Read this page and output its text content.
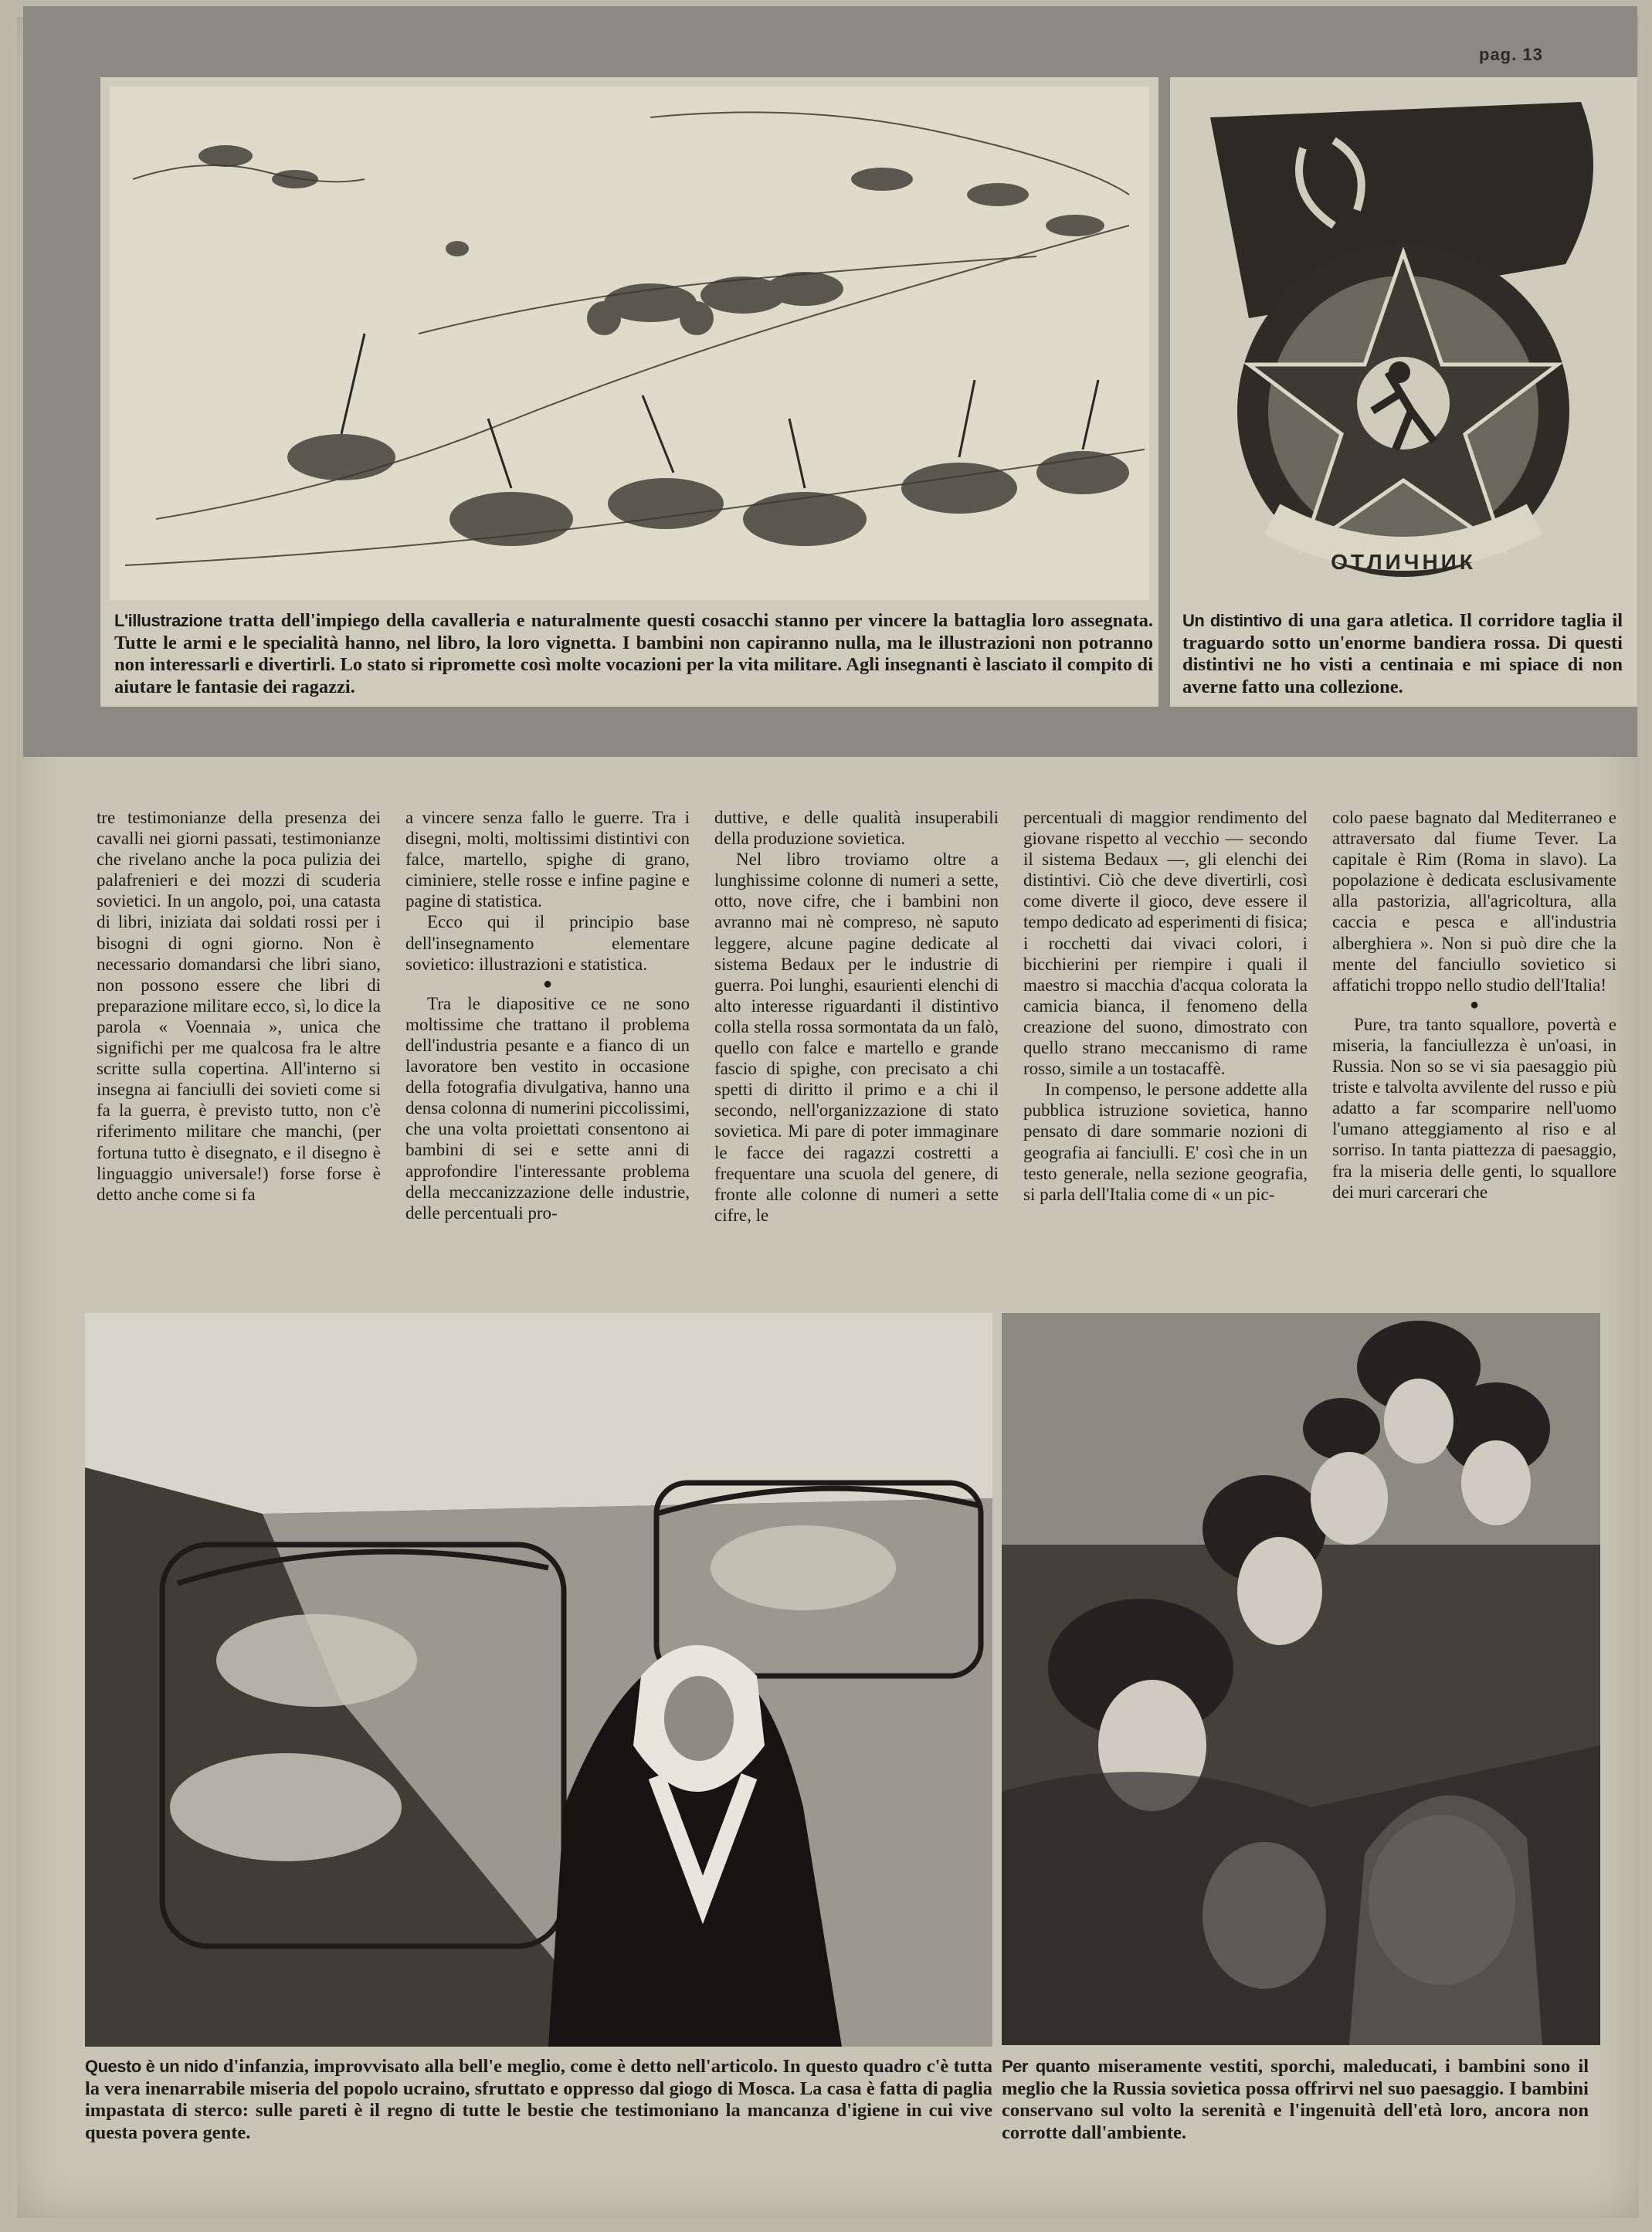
pag. 13
L'illustrazione tratta dell'impiego della cavalleria e naturalmente questi cosacchi stanno per vincere la battaglia loro assegnata. Tutte le armi e le specialità hanno, nel libro, la loro vignetta. I bambini non capiranno nulla, ma le illustrazioni non potranno non interessarli e divertirli. Lo stato si ripromette così molte vocazioni per la vita militare. Agli insegnanti è lasciato il compito di aiutare le fantasie dei ragazzi.
OTЛИЧНИК
Un distintivo di una gara atletica. Il corridore taglia il traguardo sotto un'enorme bandiera rossa. Di questi distintivi ne ho visti a centinaia e mi spiace di non averne fatto una collezione.

tre testimonianze della presenza dei cavalli nei giorni passati, testimonianze che rivelano anche la poca pulizia dei palafrenieri e dei mozzi di scuderia sovietici. In un angolo, poi, una catasta di libri, iniziata dai soldati rossi per i bisogni di ogni giorno. Non è necessario domandarsi che libri siano, non possono essere che libri di preparazione militare ecco, sì, lo dice la parola « Voennaia », unica che significhi per me qualcosa fra le altre scritte sulla copertina. All'interno si insegna ai fanciulli dei sovieti come si fa la guerra, è previsto tutto, non c'è riferimento militare che manchi, (per fortuna tutto è disegnato, e il disegno è linguaggio universale!) forse forse è detto anche come si fa

a vincere senza fallo le guerre. Tra i disegni, molti, moltissimi distintivi con falce, martello, spighe di grano, ciminiere, stelle rosse e infine pagine e pagine di statistica.

Ecco qui il principio base dell'insegnamento elementare sovietico: illustrazioni e statistica.

●

Tra le diapositive ce ne sono moltissime che trattano il problema dell'industria pesante e a fianco di un lavoratore ben vestito in occasione della fotografia divulgativa, hanno una densa colonna di numerini piccolissimi, che una volta proiettati consentono ai bambini di sei e sette anni di approfondire l'interessante problema della meccanizzazione delle industrie, delle percentuali pro-

duttive, e delle qualità insuperabili della produzione sovietica.

Nel libro troviamo oltre a lunghissime colonne di numeri a sette, otto, nove cifre, che i bambini non avranno mai nè compreso, nè saputo leggere, alcune pagine dedicate al sistema Bedaux per le industrie di guerra. Poi lunghi, esaurienti elenchi di alto interesse riguardanti il distintivo colla stella rossa sormontata da un falò, quello con falce e martello e grande fascio di spighe, con precisato a chi spetti di diritto il primo e a chi il secondo, nell'organizzazione di stato sovietica. Mi pare di poter immaginare le facce dei ragazzi costretti a frequentare una scuola del genere, di fronte alle colonne di numeri a sette cifre, le

percentuali di maggior rendimento del giovane rispetto al vecchio — secondo il sistema Bedaux —, gli elenchi dei distintivi. Ciò che deve divertirli, così come diverte il gioco, deve essere il tempo dedicato ad esperimenti di fisica; i rocchetti dai vivaci colori, i bicchierini per riempire i quali il maestro si macchia d'acqua colorata la camicia bianca, il fenomeno della creazione del suono, dimostrato con quello strano meccanismo di rame rosso, simile a un tostacaffè.

In compenso, le persone addette alla pubblica istruzione sovietica, hanno pensato di dare sommarie nozioni di geografia ai fanciulli. E' così che in un testo generale, nella sezione geografia, si parla dell'Italia come di « un pic-

colo paese bagnato dal Mediterraneo e attraversato dal fiume Tever. La capitale è Rim (Roma in slavo). La popolazione è dedicata esclusivamente alla pastorizia, all'agricoltura, alla caccia e pesca e all'industria alberghiera ». Non si può dire che la mente del fanciullo sovietico si affatichi troppo nello studio dell'Italia!

●

Pure, tra tanto squallore, povertà e miseria, la fanciullezza è un'oasi, in Russia. Non so se vi sia paesaggio più triste e talvolta avvilente del russo e più adatto a far scomparire nell'uomo l'umano atteggiamento al riso e al sorriso. In tanta piattezza di paesaggio, fra la miseria delle genti, lo squallore dei muri carcerari che

Questo è un nido d'infanzia, improvvisato alla bell'e meglio, come è detto nell'articolo. In questo quadro c'è tutta la vera inenarrabile miseria del popolo ucraino, sfruttato e oppresso dal giogo di Mosca. La casa è fatta di paglia impastata di sterco: sulle pareti è il regno di tutte le bestie che testimoniano la mancanza d'igiene in cui vive questa povera gente.
Per quanto miseramente vestiti, sporchi, maleducati, i bambini sono il meglio che la Russia sovietica possa offrirvi nel suo paesaggio. I bambini conservano sul volto la serenità e l'ingenuità dell'età loro, ancora non corrotte dall'ambiente.
